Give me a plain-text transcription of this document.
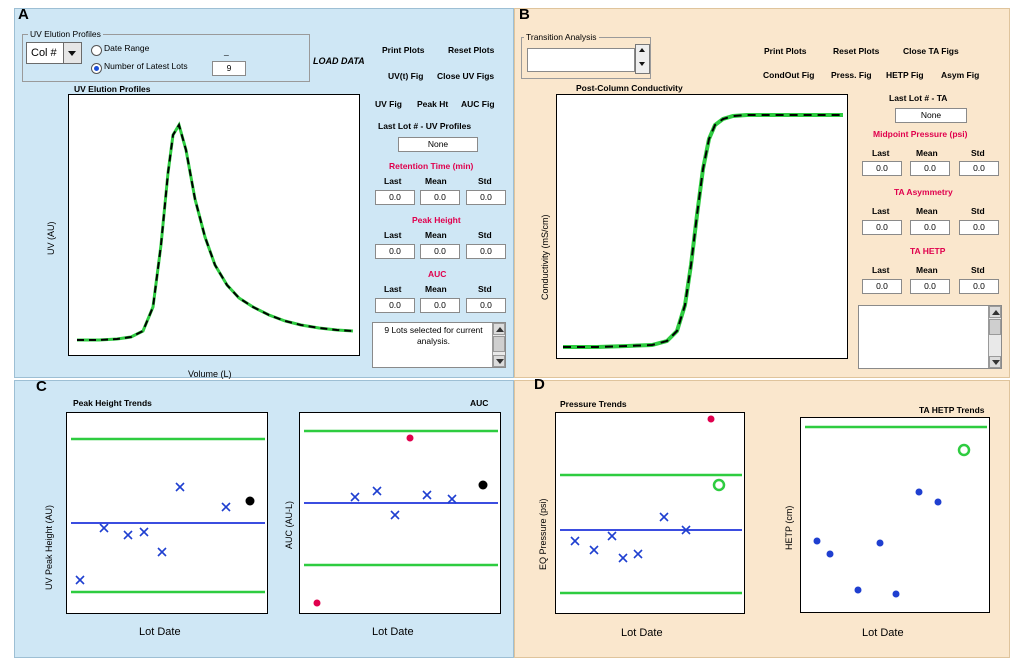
A
UV Elution Profiles
Col #	Date Range
Number of Latest Lots
_
9
LOAD DATA
Print Plots	Reset Plots
UV(t) Fig Close UV Figs
UV Fig Peak Ht AUC Fig
Last Lot # - UV Profiles
None
Retention Time (min)
Last	Mean	Std
0.0	0.0	0.0
Peak Height
Last	Mean	Std
0.0	0.0	0.0
AUC
Last	Mean	Std
0.0	0.0	0.0
9 Lots selected for current analysis.
UV Elution Profiles
Volume (L)
UV (AU)
B
Transition Analysis
Print Plots	Reset Plots	Close TA Figs
CondOut Fig Press. Fig HETP Fig Asym Fig
Last Lot # - TA
None
Midpoint Pressure (psi)
Last	Mean	Std
0.0	0.0	0.0
TA Asymmetry
Last	Mean	Std
0.0	0.0	0.0
TA HETP
Last	Mean	Std
0.0	0.0	0.0
Post-Column Conductivity
Conductivity (mS/cm)
C
Peak Height Trends
Lot Date
UV Peak Height (AU)
AUC
Lot Date
AUC (AU-L)
D
Pressure Trends
Lot Date
EQ Pressure (psi)
TA HETP Trends
Lot Date
HETP (cm)
